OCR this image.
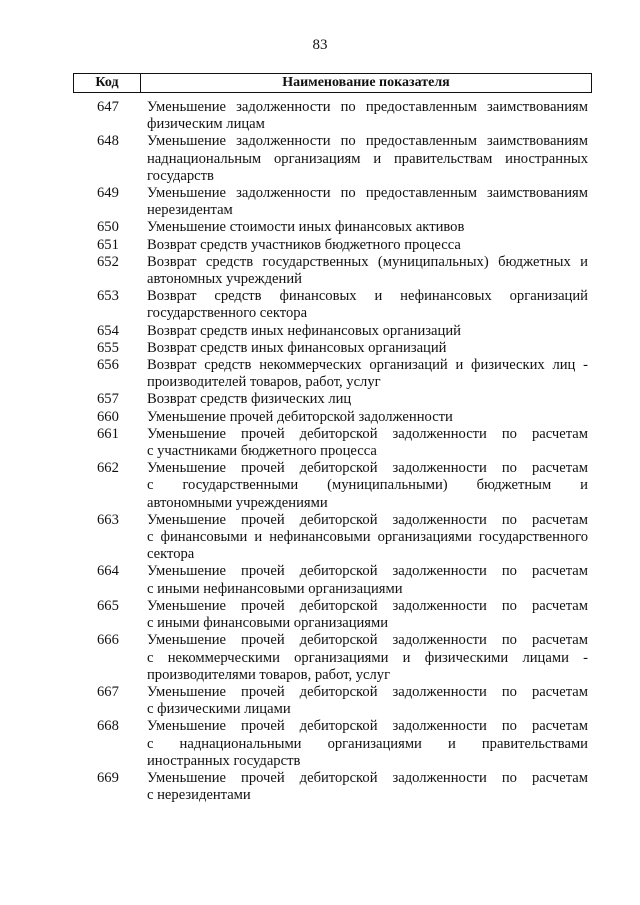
83
Код	Наименование показателя
647	Уменьшение задолженности по предоставленным заимствованиям
физическим лицам
648	Уменьшение задолженности по предоставленным заимствованиям
наднациональным организациям и правительствам иностранных
государств
649	Уменьшение задолженности по предоставленным заимствованиям
нерезидентам
650	Уменьшение стоимости иных финансовых активов
651	Возврат средств участников бюджетного процесса
652	Возврат средств государственных (муниципальных) бюджетных и
автономных учреждений
653	Возврат средств финансовых и нефинансовых организаций
государственного сектора
654	Возврат средств иных нефинансовых организаций
655	Возврат средств иных финансовых организаций
656	Возврат средств некоммерческих организаций и физических лиц -
производителей товаров, работ, услуг
657	Возврат средств физических лиц
660	Уменьшение прочей дебиторской задолженности
661	Уменьшение прочей дебиторской задолженности по расчетам
с участниками бюджетного процесса
662	Уменьшение прочей дебиторской задолженности по расчетам
с государственными (муниципальными) бюджетным и
автономными учреждениями
663	Уменьшение прочей дебиторской задолженности по расчетам
с финансовыми и нефинансовыми организациями государственного
сектора
664	Уменьшение прочей дебиторской задолженности по расчетам
с иными нефинансовыми организациями
665	Уменьшение прочей дебиторской задолженности по расчетам
с иными финансовыми организациями
666	Уменьшение прочей дебиторской задолженности по расчетам
с некоммерческими организациями и физическими лицами -
производителями товаров, работ, услуг
667	Уменьшение прочей дебиторской задолженности по расчетам
с физическими лицами
668	Уменьшение прочей дебиторской задолженности по расчетам
с наднациональными организациями и правительствами
иностранных государств
669	Уменьшение прочей дебиторской задолженности по расчетам
с нерезидентами
